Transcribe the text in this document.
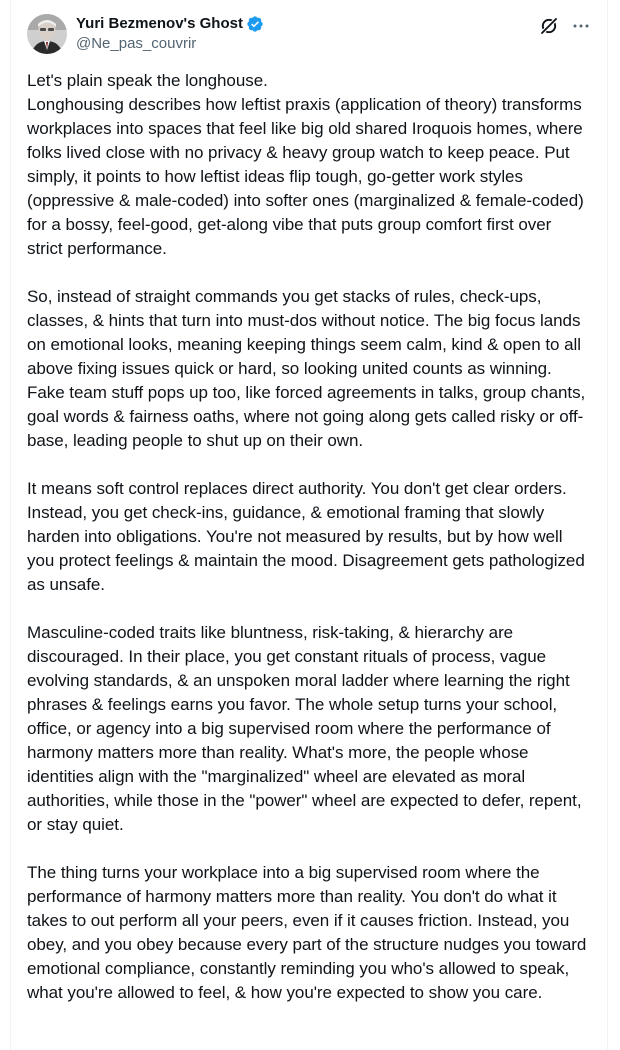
Yuri Bezmenov's Ghost
@Ne_pas_couvrir

Let's plain speak the longhouse.
Longhousing describes how leftist praxis (application of theory) transforms workplaces into spaces that feel like big old shared Iroquois homes, where folks lived close with no privacy & heavy group watch to keep peace. Put simply, it points to how leftist ideas flip tough, go-getter work styles (oppressive & male-coded) into softer ones (marginalized & female-coded) for a bossy, feel-good, get-along vibe that puts group comfort first over strict performance.

So, instead of straight commands you get stacks of rules, check-ups, classes, & hints that turn into must-dos without notice. The big focus lands on emotional looks, meaning keeping things seem calm, kind & open to all above fixing issues quick or hard, so looking united counts as winning. Fake team stuff pops up too, like forced agreements in talks, group chants, goal words & fairness oaths, where not going along gets called risky or off-base, leading people to shut up on their own.

It means soft control replaces direct authority. You don't get clear orders. Instead, you get check-ins, guidance, & emotional framing that slowly harden into obligations. You're not measured by results, but by how well you protect feelings & maintain the mood. Disagreement gets pathologized as unsafe.

Masculine-coded traits like bluntness, risk-taking, & hierarchy are discouraged. In their place, you get constant rituals of process, vague evolving standards, & an unspoken moral ladder where learning the right phrases & feelings earns you favor. The whole setup turns your school, office, or agency into a big supervised room where the performance of harmony matters more than reality. What's more, the people whose identities align with the "marginalized" wheel are elevated as moral authorities, while those in the "power" wheel are expected to defer, repent, or stay quiet.

The thing turns your workplace into a big supervised room where the performance of harmony matters more than reality. You don't do what it takes to out perform all your peers, even if it causes friction. Instead, you obey, and you obey because every part of the structure nudges you toward emotional compliance, constantly reminding you who's allowed to speak, what you're allowed to feel, & how you're expected to show you care.
